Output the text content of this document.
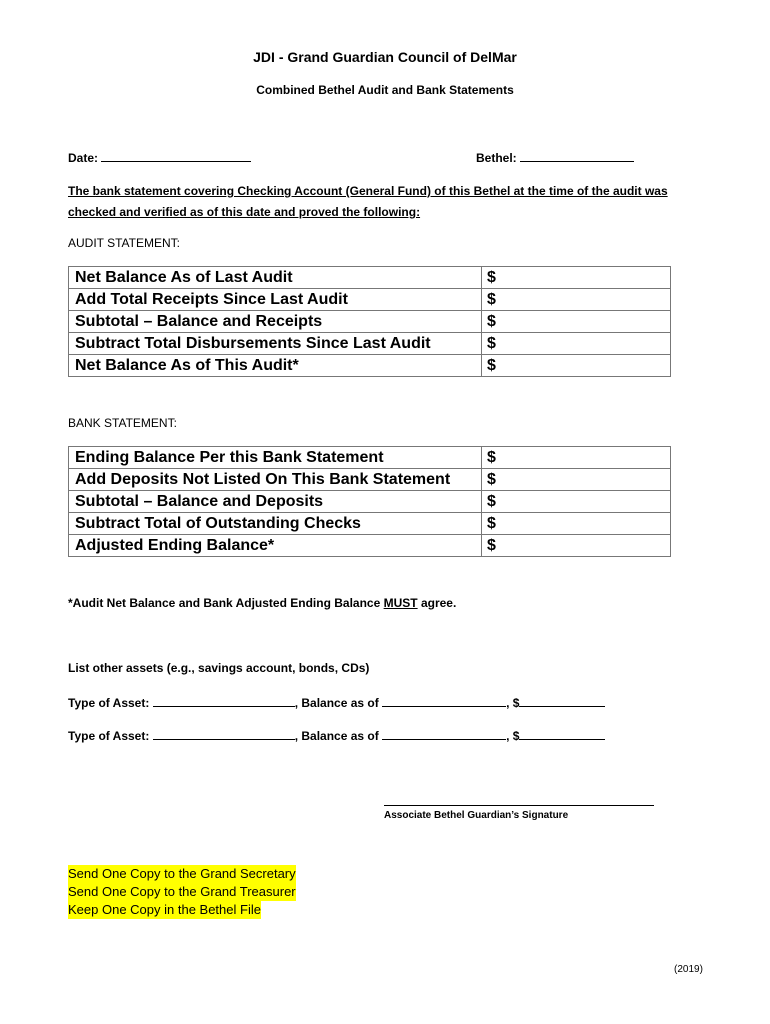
JDI - Grand Guardian Council of DelMar
Combined Bethel Audit and Bank Statements
Date:	Bethel:
The bank statement covering Checking Account (General Fund) of this Bethel at the time of the audit was checked and verified as of this date and proved the following:
AUDIT STATEMENT:
Net Balance As of Last Audit	$
Add Total Receipts Since Last Audit	$
Subtotal – Balance and Receipts	$
Subtract Total Disbursements Since Last Audit	$
Net Balance As of This Audit*	$
BANK STATEMENT:
Ending Balance Per this Bank Statement	$
Add Deposits Not Listed On This Bank Statement	$
Subtotal – Balance and Deposits	$
Subtract Total of Outstanding Checks	$
Adjusted Ending Balance*	$
*Audit Net Balance and Bank Adjusted Ending Balance MUST agree.
List other assets (e.g., savings account, bonds, CDs)
Type of Asset:	, Balance as of	, $
Type of Asset:	, Balance as of	, $
Associate Bethel Guardian’s Signature
Send One Copy to the Grand Secretary
Send One Copy to the Grand Treasurer
Keep One Copy in the Bethel File
(2019)
